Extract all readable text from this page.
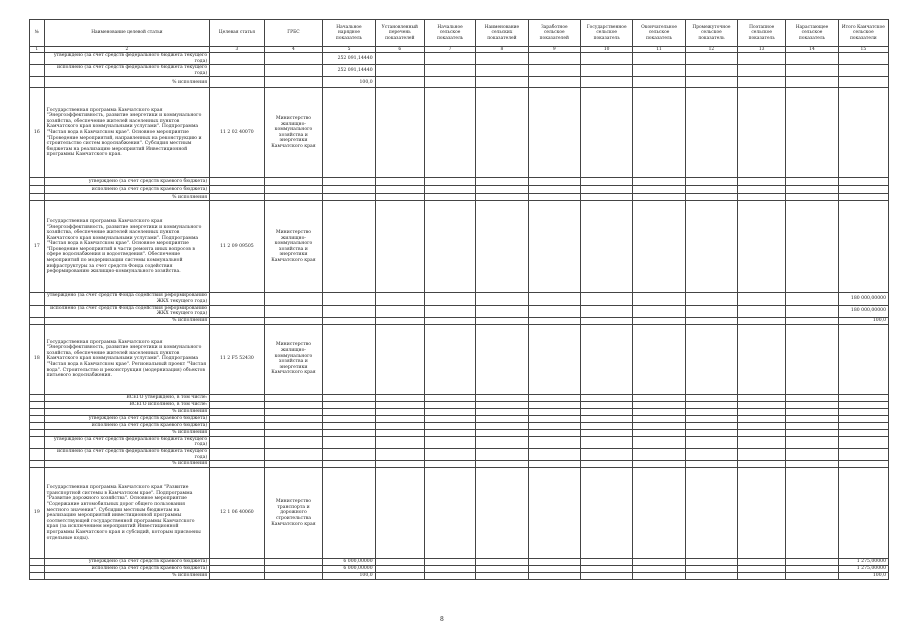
№	Наименование целевой статьи	Целевая статья	ГРБС	Начальное нарядное показатель	Установленный перечень показателей	Начальное сельское показатель	Наименование сельских показателей	Заработное сельское показателей	Государственное сельское показатель	Окончательное сельское показатель	Промежуточное сельское показатель	Поэтапное сельское показатель	Нарастающее сельское показатель	Итого Камчатское сельское показатели
1	2	3	4	5	6	7	8	9	10	11	12	13	14	15
	утверждено (за счет средств федерального бюджета текущего года)			252 091,14440										
	исполнено (за счет средств федерального бюджета текущего года)			252 091,14440										
	% исполнения			100,0										
16	Государственная программа Камчатского края "Энергоэффективность, развитие энергетики и коммунального хозяйства, обеспечение жителей населенных пунктов Камчатского края коммунальными услугами". Подпрограмма "Чистая вода в Камчатском крае". Основное мероприятие "Проведение мероприятий, направленных на реконструкцию и строительство систем водоснабжения". Субсидия местным бюджетам на реализацию мероприятий Инвестиционной программы Камчатского края.	11 2 02 40070	Министерство жилищно-коммунального хозяйства и энергетики Камчатского края											
	утверждено (за счет средств краевого бюджета)													
	исполнено (за счет средств краевого бюджета)													
	% исполнения													
17	Государственная программа Камчатского края "Энергоэффективность, развитие энергетики и коммунального хозяйства, обеспечение жителей населенных пунктов Камчатского края коммунальными услугами". Подпрограмма "Чистая вода в Камчатском крае". Основное мероприятие "Проведение мероприятий в части ремонта иных вопросов в сфере водоснабжения и водоотведения". Обеспечение мероприятий по модернизации системы коммунальной инфраструктуры за счет средств Фонда содействия реформированию жилищно-коммунального хозяйства.	11 2 09 09505	Министерство жилищно-коммунального хозяйства и энергетики Камчатского края											
	утверждено (за счет средств Фонда содействия реформированию ЖКХ текущего года)													180 000,00000
	исполнено (за счет средств Фонда содействия реформированию ЖКХ текущего года)													180 000,00000
	% исполнения													100,0
18	Государственная программа Камчатского края "Энергоэффективность, развитие энергетики и коммунального хозяйства, обеспечение жителей населенных пунктов Камчатского края коммунальными услугами". Подпрограмма "Чистая вода в Камчатском крае". Региональный проект "Чистая вода". Строительство и реконструкция (модернизация) объектов питьевого водоснабжения.	11 2 F5 52430	Министерство жилищно-коммунального хозяйства и энергетики Камчатского края											
	ВСЕГО утверждено, в том числе:													
	ВСЕГО исполнено, в том числе:													
	% исполнения													
	утверждено (за счет средств краевого бюджета)													
	исполнено (за счет средств краевого бюджета)													
	% исполнения													
	утверждено (за счет средств федерального бюджета текущего года)													
	исполнено (за счет средств федерального бюджета текущего года)													
	% исполнения													
19	Государственная программа Камчатского края "Развитие транспортной системы в Камчатском крае". Подпрограмма "Развитие дорожного хозяйства". Основное мероприятие "Содержание автомобильных дорог общего пользования местного значения". Субсидии местным бюджетам на реализацию мероприятий инвестиционной программы соответствующей государственной программы Камчатского края (за исключением мероприятий Инвестиционной программы Камчатского края и субсидий, которым присвоены отдельные коды).	12 1 06 40060	Министерство транспорта и дорожного строительства Камчатского края											
	утверждено (за счет средств краевого бюджета)			6 000,00000										1 275,00000
	исполнено (за счет средств краевого бюджета)			6 000,00000										1 275,00000
	% исполнения			100,0										100,0
8
